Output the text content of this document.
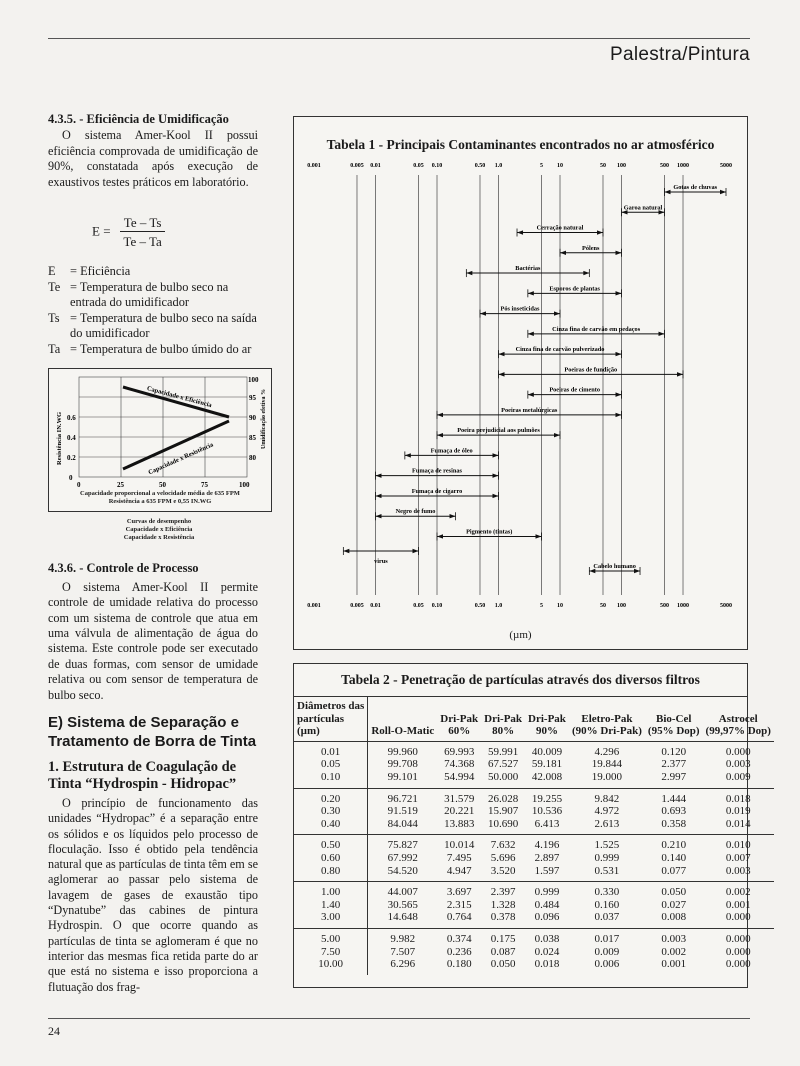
Palestra/Pintura

4.3.5. - Eficiência de Umidificação

O sistema Amer-Kool II possui eficiência comprovada de umidificação de 90%, constatada após execução de exaustivos testes práticos em laboratório.

$E = \frac{Te - Ts}{Te - Ta}$
E	= Eficiência
Te = Temperatura de bulbo seco na entrada do umidificador
Ts = Temperatura de bulbo seco na saída do umidificador
Ta = Temperatura de bulbo úmido do ar
Capacidade x Eficiência
Capacidade x Resistência
Resistência IN.WG	Umidificação efetiva %
0
0.2
0.4
0.6
80
85
90
95
100
0	25	50	75	100
Capacidade proporcional a velocidade média de 635 FPM
Resistência a 635 FPM e 0,55 IN.WG
Curvas de desempenho
Capacidade x Eficiência
Capacidade x Resistência

4.3.6. - Controle de Processo

O sistema Amer-Kool II permite controle de umidade relativa do processo com um sistema de controle que atua em uma válvula de alimentação de água do sistema. Este controle pode ser executado de duas formas, com sensor de umidade relativa ou com sensor de temperatura de bulbo seco.

E) Sistema de Separação e Tratamento de Borra de Tinta
1. Estrutura de Coagulação de Tinta “Hydrospin - Hidropac”

O princípio de funcionamento das unidades “Hydropac” é a separação entre os sólidos e os líquidos pelo processo de floculação. Isso é obtido pela tendência natural que as partículas de tinta têm em se aglomerar ao passar pelo sistema de lavagem de gases de exaustão tipo “Dynatube” das cabines de pintura Hydrospin. O que ocorre quando as partículas de tinta se aglomeram é que no interior das mesmas fica retida parte do ar que está no sistema e isso proporciona a flutuação dos frag-

Tabela 1 - Principais Contaminantes encontrados no ar atmosférico
0.001
0.001
0.005
0.005
0.01
0.01
0.05
0.05
0.10
0.10
0.50
0.50
1.0
1.0
5
5
10
10
50
50
100
100
500
500
1000
1000
5000
5000
Gotas de chuvas
Garoa natural
Cerração natural
Pólens
Bactérias
Esporos de plantas
Pós inseticidas
Cinza fina de carvão em pedaços
Cinza fina de carvão pulverizado
Poeiras de fundição
Poeiras de cimento
Poeiras metalúrgicas
Poeira prejudicial aos pulmões
Fumaça de óleo
Fumaça de resinas
Fumaça de cigarro
Negro de fumo
Pigmento (tintas)
virus
Cabelo humano
(µm)
Tabela 2 - Penetração de partículas através dos diversos filtros
Diâmetros das							
partículas		Dri-Pak	Dri-Pak	Dri-Pak	Eletro-Pak	Bio-Cel	Astrocel
(µm)	Roll-O-Matic	60%	80%	90%	(90% Dri-Pak)	(95% Dop)	(99,97% Dop)
0.01	99.960	69.993	59.991	40.009	4.296	0.120	0.000
0.05	99.708	74.368	67.527	59.181	19.844	2.377	0.003
0.10	99.101	54.994	50.000	42.008	19.000	2.997	0.009
0.20	96.721	31.579	26.028	19.255	9.842	1.444	0.018
0.30	91.519	20.221	15.907	10.536	4.972	0.693	0.019
0.40	84.044	13.883	10.690	6.413	2.613	0.358	0.014
0.50	75.827	10.014	7.632	4.196	1.525	0.210	0.010
0.60	67.992	7.495	5.696	2.897	0.999	0.140	0.007
0.80	54.520	4.947	3.520	1.597	0.531	0.077	0.003
1.00	44.007	3.697	2.397	0.999	0.330	0.050	0.002
1.40	30.565	2.315	1.328	0.484	0.160	0.027	0.001
3.00	14.648	0.764	0.378	0.096	0.037	0.008	0.000
5.00	9.982	0.374	0.175	0.038	0.017	0.003	0.000
7.50	7.507	0.236	0.087	0.024	0.009	0.002	0.000
10.00	6.296	0.180	0.050	0.018	0.006	0.001	0.000
24
